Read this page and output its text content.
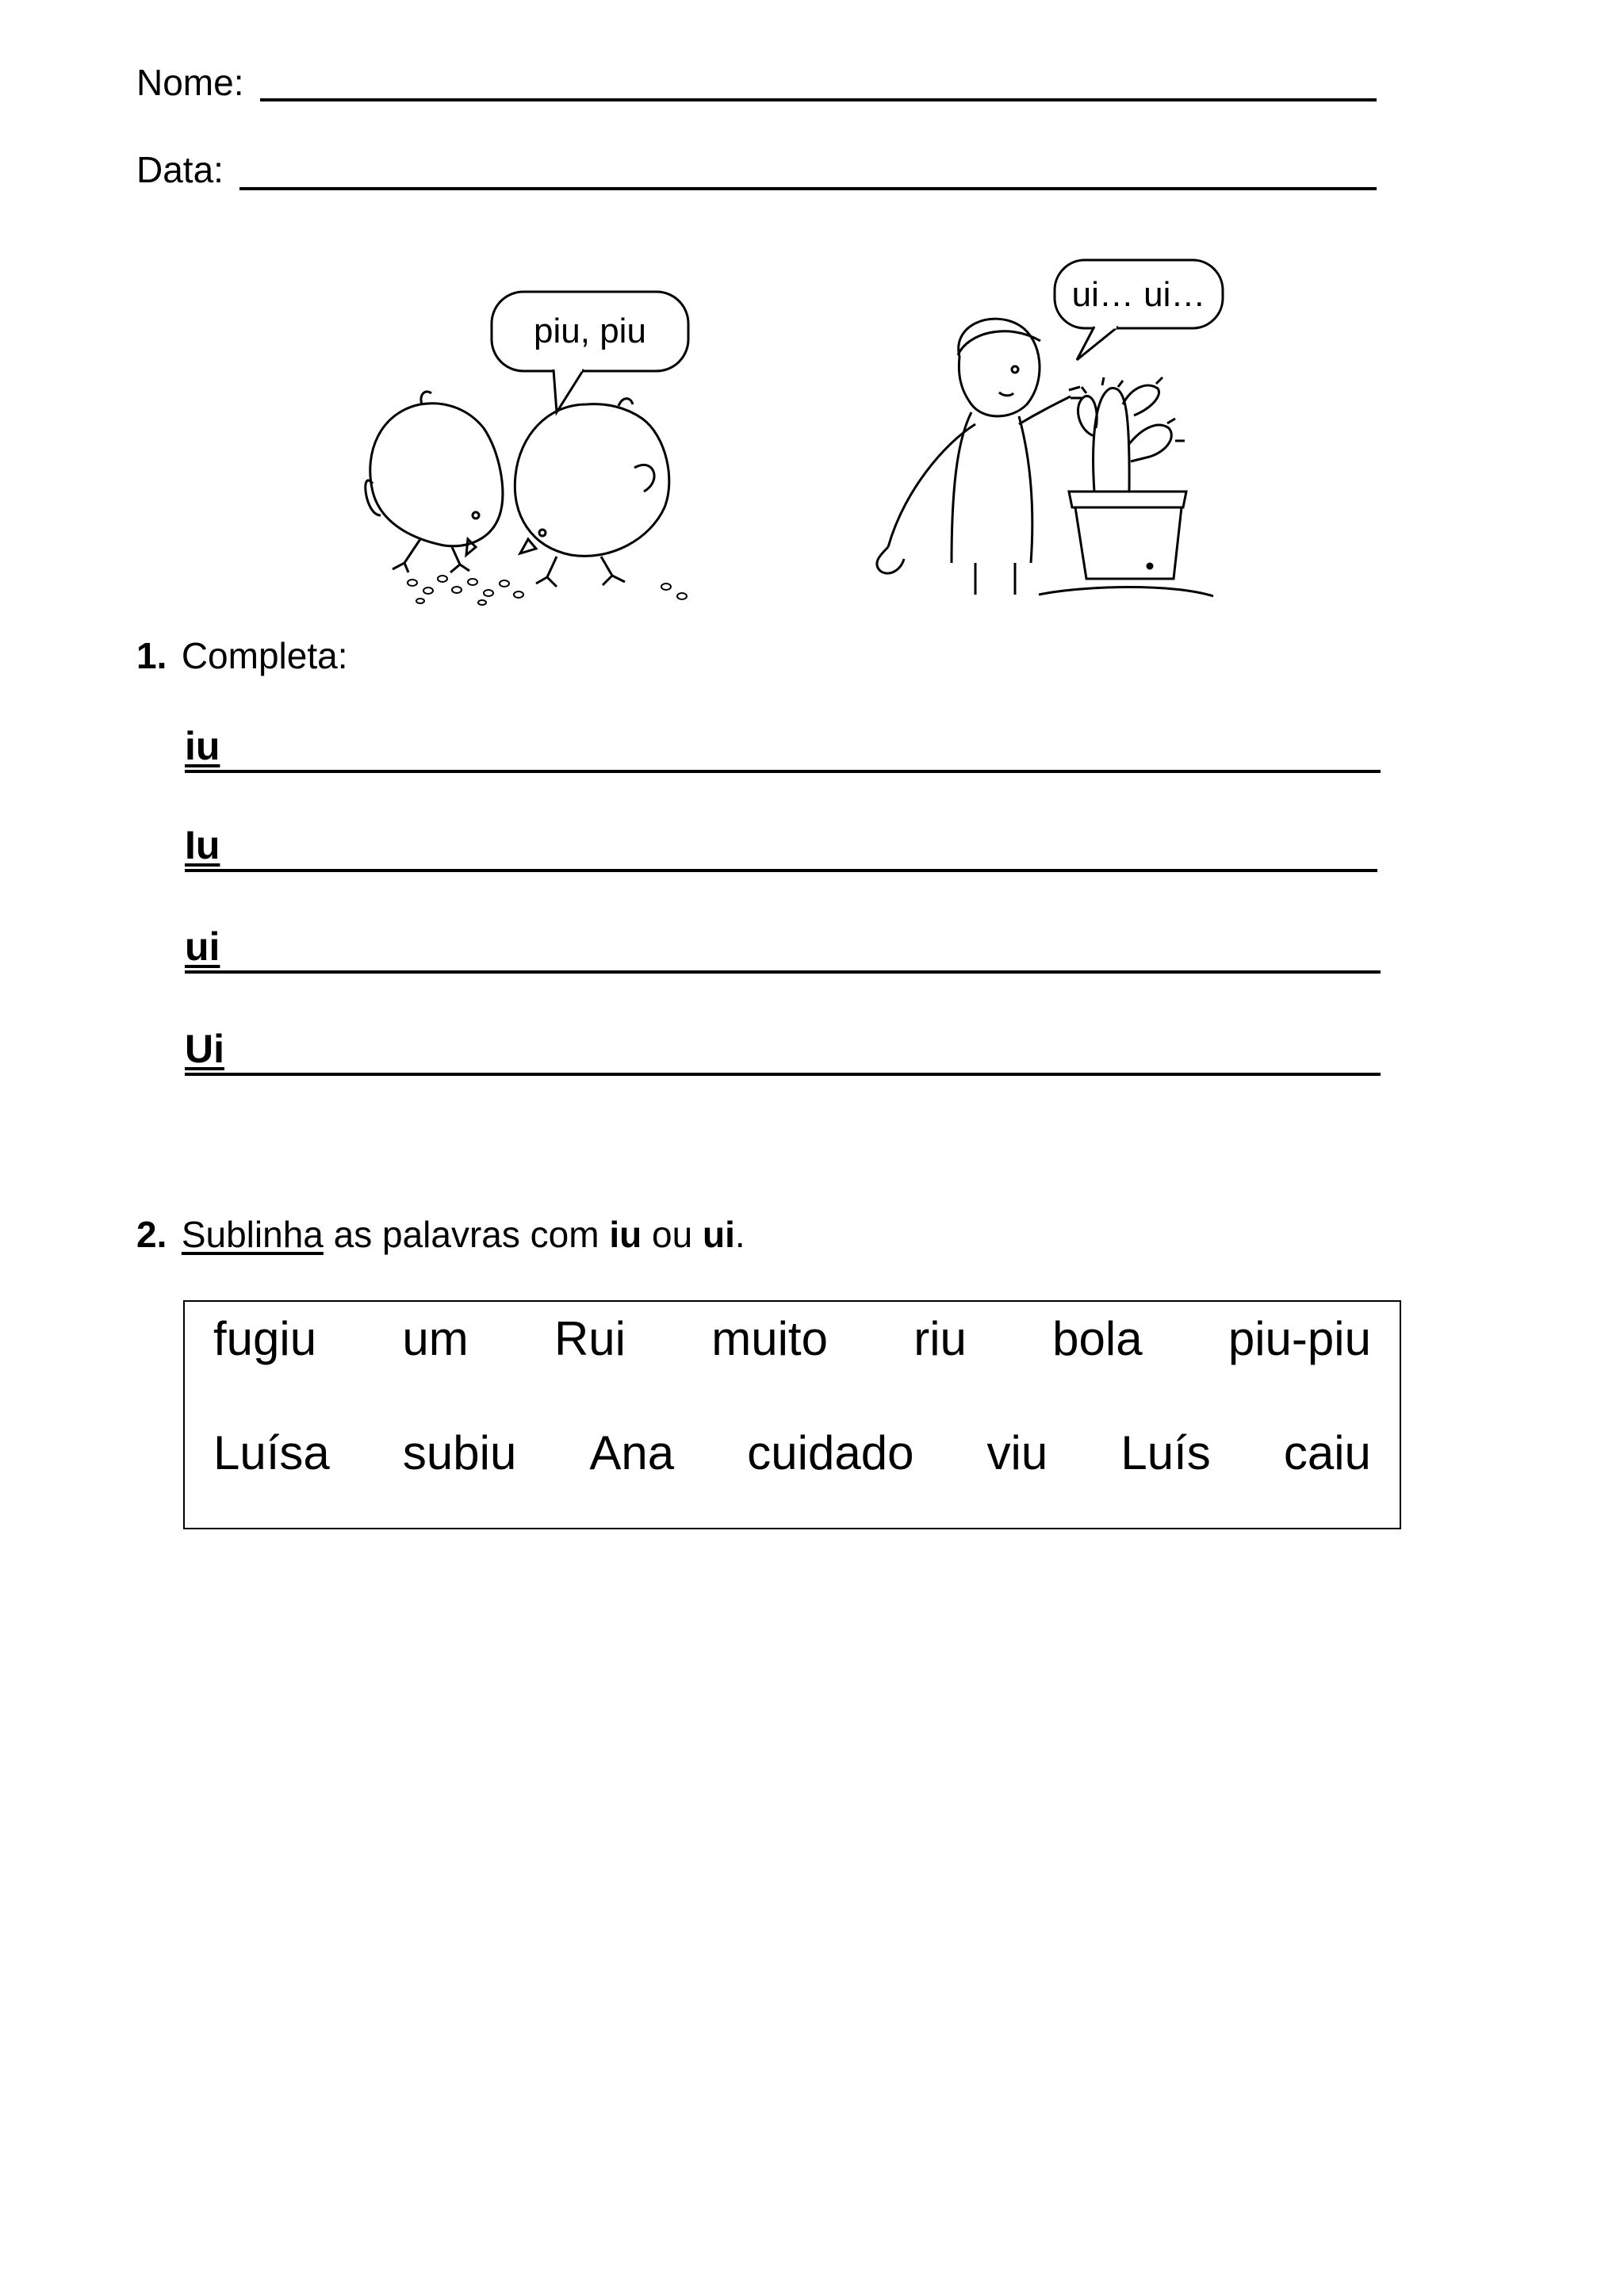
Nome:
Data:
piu, piu
ui… ui…
1. Completa:
iu
Iu
ui
Ui
2. Sublinha as palavras com iu ou ui.
fugiu um Rui muito riu bola piu-piu
Luísa subiu Ana cuidado viu Luís caiu
